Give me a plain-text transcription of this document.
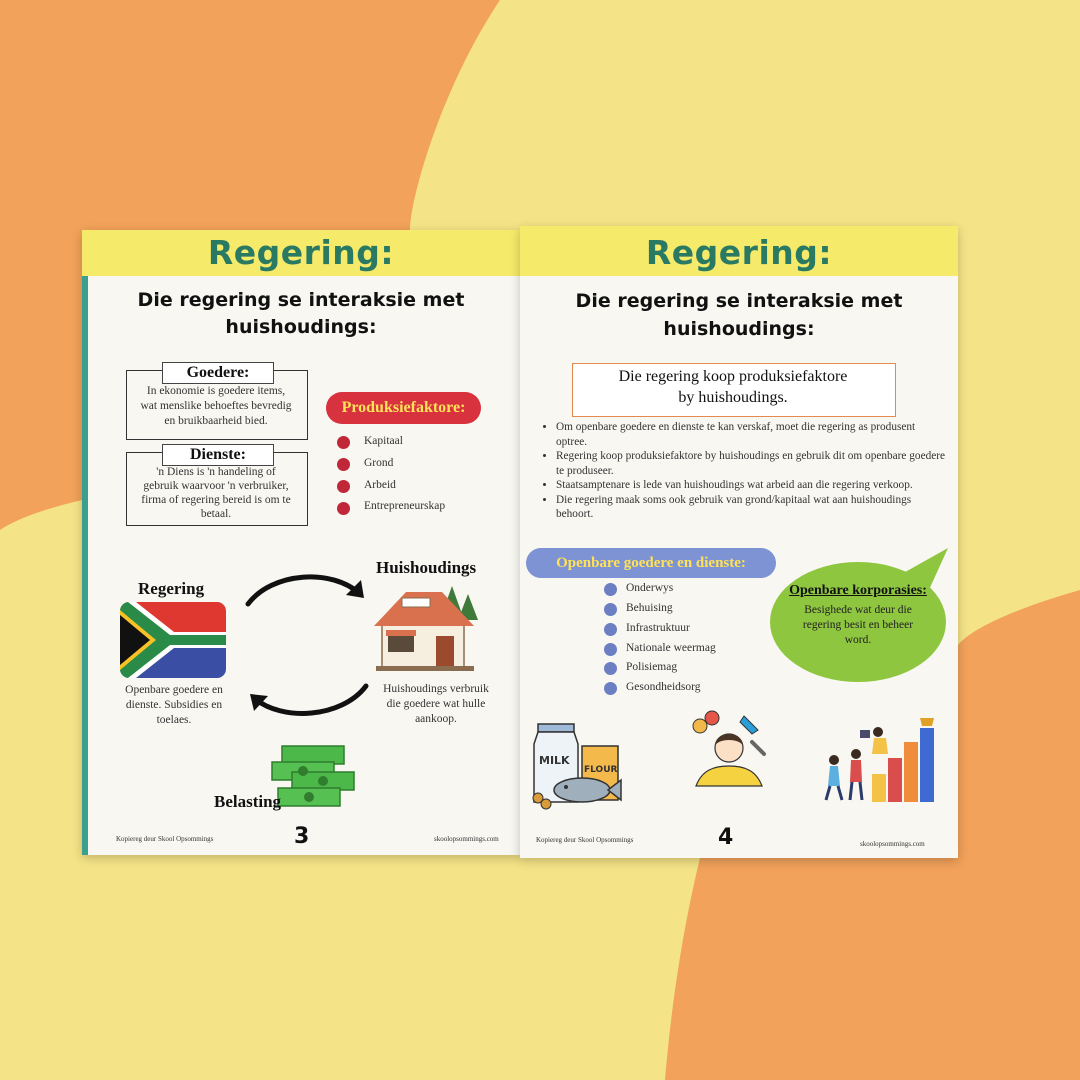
Regering:
Die regering se interaksie met
huishoudings:
Goedere:
In ekonomie is goedere items,
wat menslike behoeftes bevredig
en bruikbaarheid bied.
Dienste:
'n Diens is 'n handeling of
gebruik waarvoor 'n verbruiker,
firma of regering bereid is om te
betaal.
Produksiefaktore:
Kapitaal
Grond
Arbeid
Entrepreneurskap
Regering
Huishoudings
Openbare goedere en
dienste. Subsidies en
toelaes.
Huishoudings verbruik
die goedere wat hulle
aankoop.
Belasting
Kopiereg deur Skool Opsommings	3	skoolopsommings.com
Regering:
Die regering se interaksie met
huishoudings:
Die regering koop produksiefaktore
by huishoudings.
• Om openbare goedere en dienste te kan verskaf, moet die regering as produsent optree.
• Regering koop produksiefaktore by huishoudings en gebruik dit om openbare goedere te produseer.
• Staatsamptenare is lede van huishoudings wat arbeid aan die regering verkoop.
• Die regering maak soms ook gebruik van grond/kapitaal wat aan huishoudings behoort.
Openbare goedere en dienste:
Onderwys
Behuising
Infrastruktuur
Nationale weermag
Polisiemag
Gesondheidsorg
Openbare korporasies:
Besighede wat deur die
regering besit en beheer
word.
MILK
FLOUR
Kopiereg deur Skool Opsommings	4	skoolopsommings.com
